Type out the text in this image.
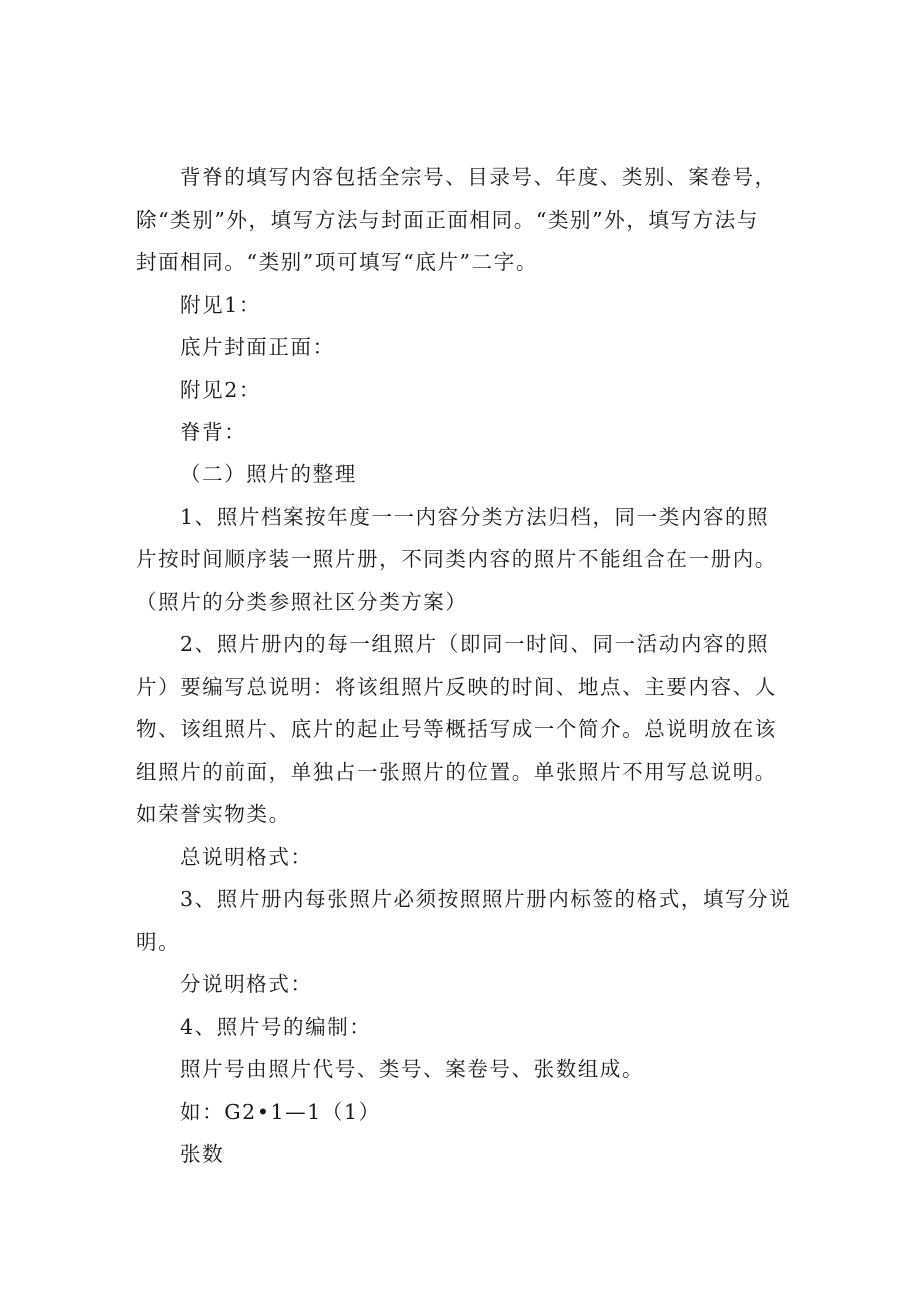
背脊的填写内容包括全宗号、目录号、年度、类别、案卷号，
除“类别”外，填写方法与封面正面相同。“类别”外，填写方法与
封面相同。“类别”项可填写“底片”二字。
附见1：
底片封面正面：
附见2：
脊背：
（二）照片的整理
1、照片档案按年度一一内容分类方法归档，同一类内容的照
片按时间顺序装一照片册，不同类内容的照片不能组合在一册内。
（照片的分类参照社区分类方案）
2、照片册内的每一组照片（即同一时间、同一活动内容的照
片）要编写总说明：将该组照片反映的时间、地点、主要内容、人
物、该组照片、底片的起止号等概括写成一个简介。总说明放在该
组照片的前面，单独占一张照片的位置。单张照片不用写总说明。
如荣誉实物类。
总说明格式：
3、照片册内每张照片必须按照照片册内标签的格式，填写分说
明。
分说明格式：
4、照片号的编制：
照片号由照片代号、类号、案卷号、张数组成。
如：G2•1—1（1）
张数
